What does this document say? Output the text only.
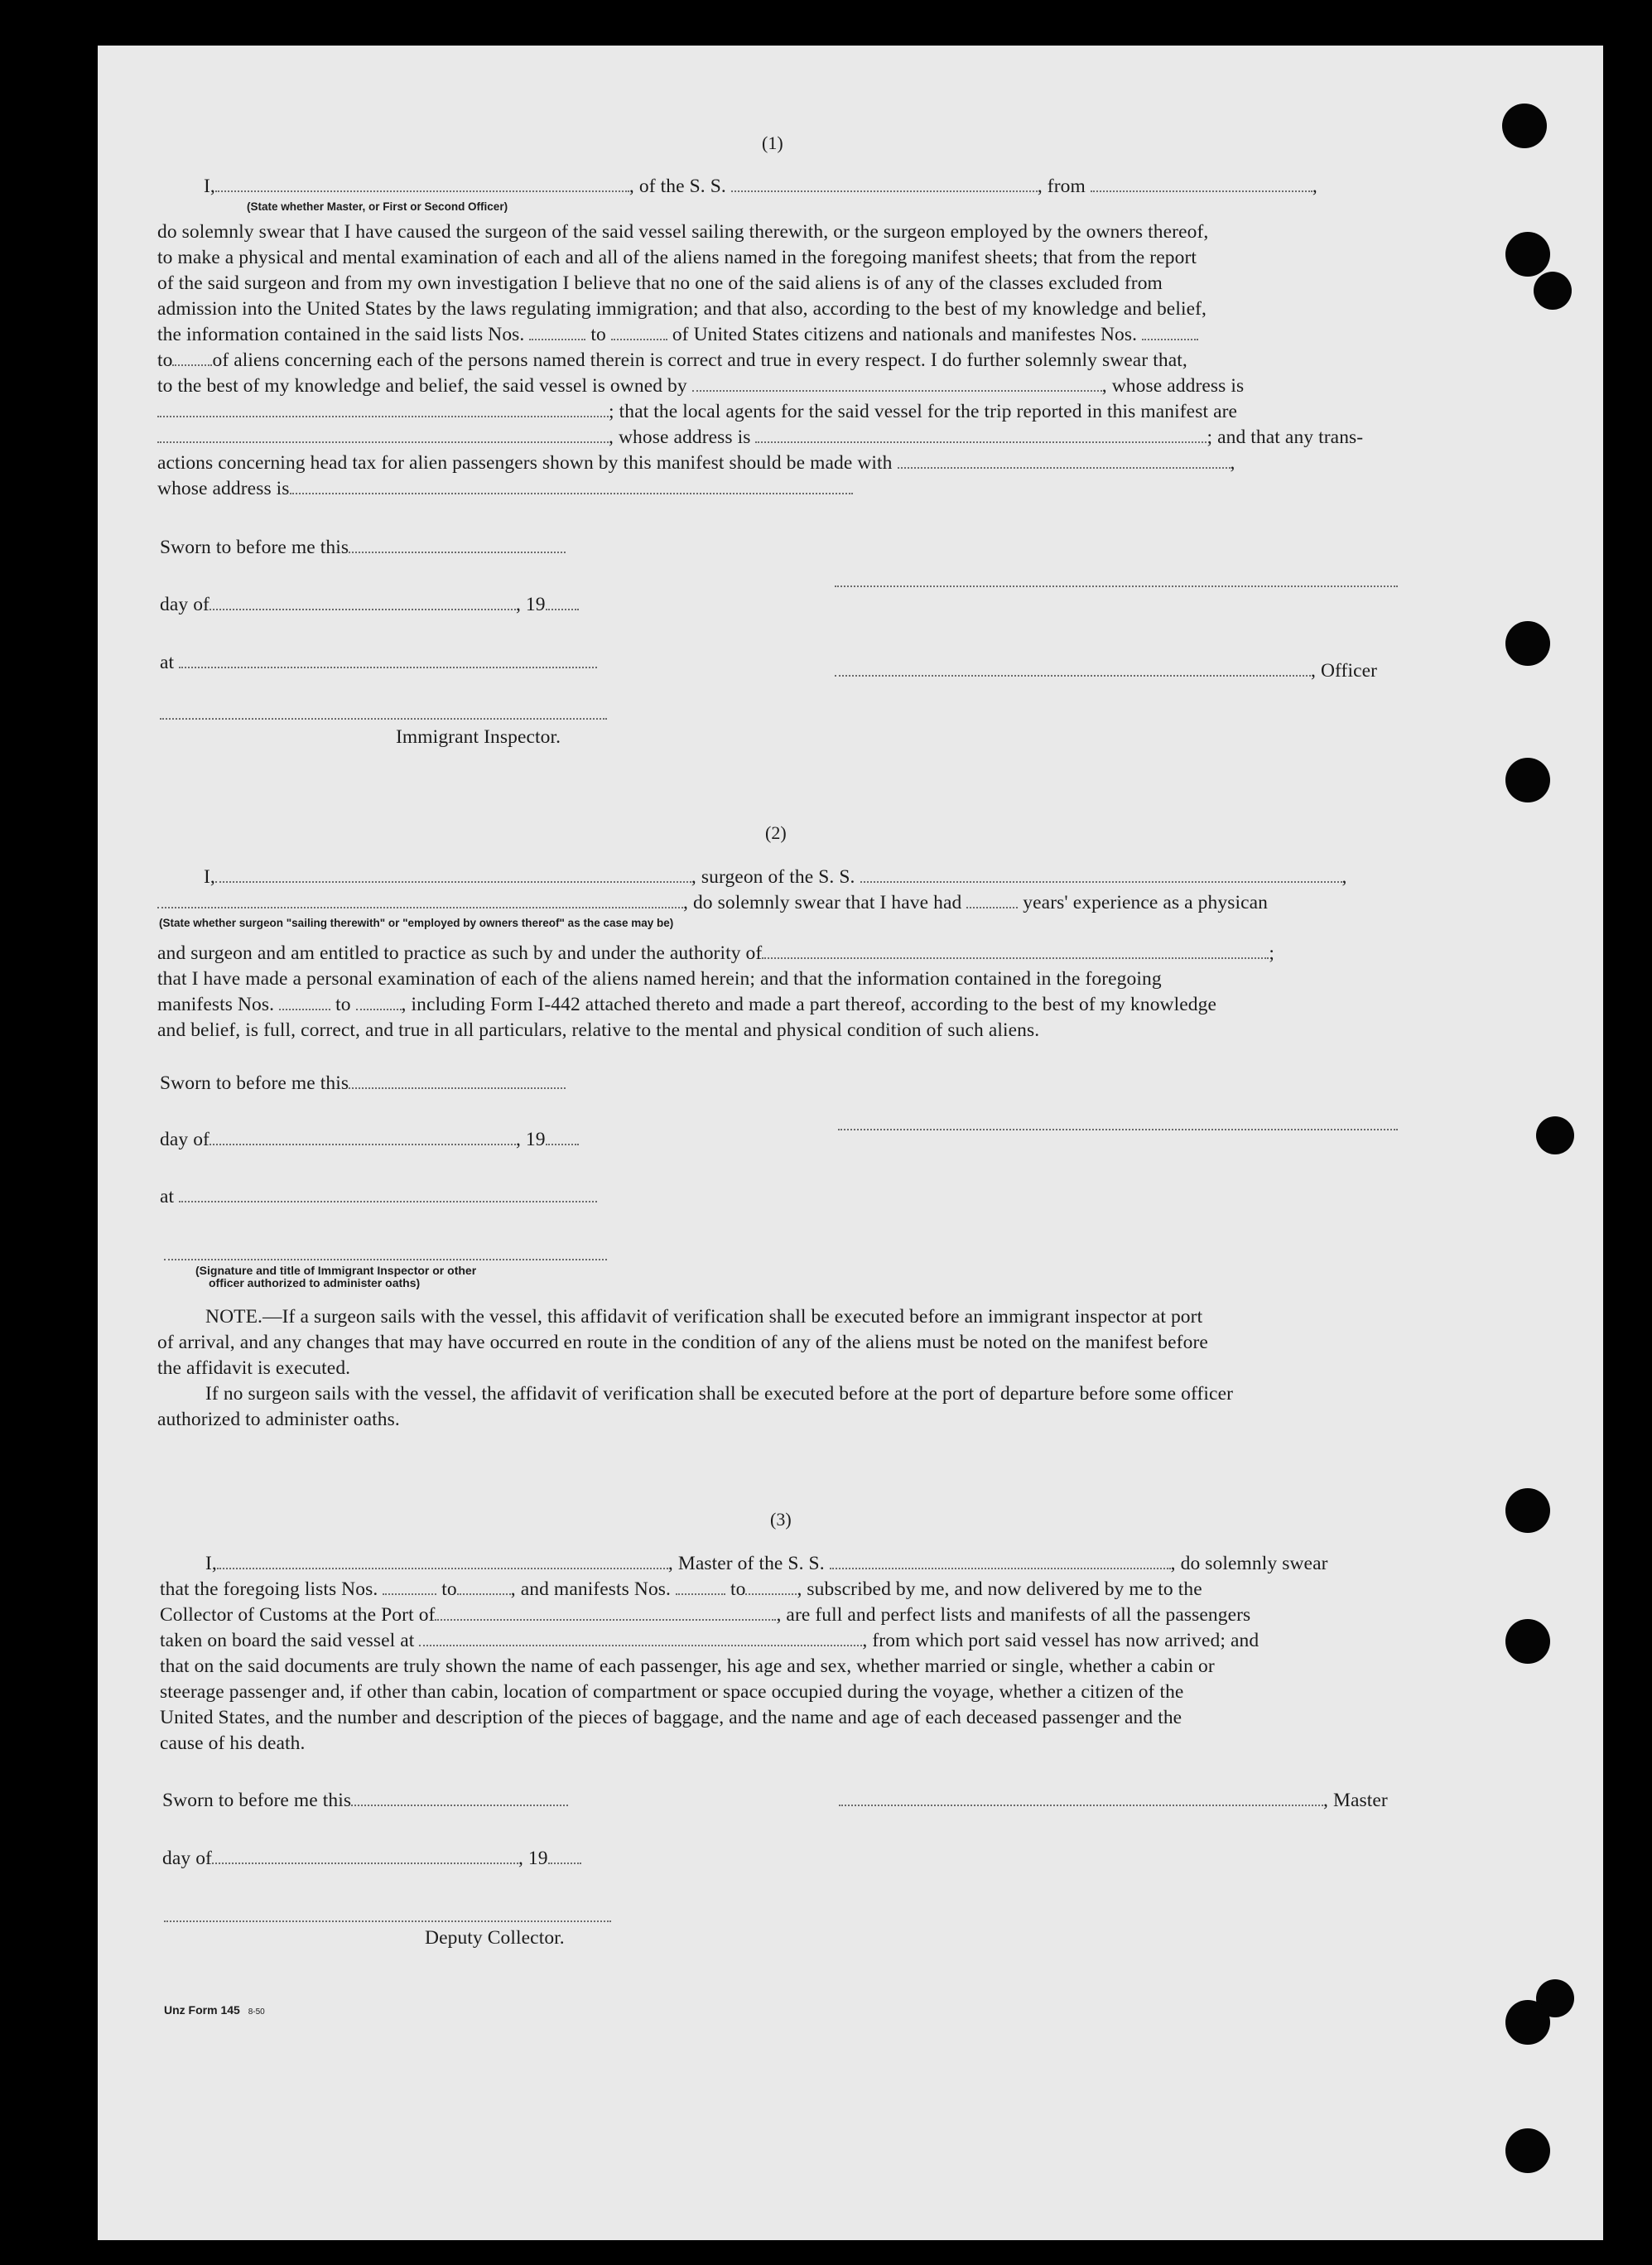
(1)
I,	, of the S. S.	, from	,
(State whether Master, or First or Second Officer)
do solemnly swear that I have caused the surgeon of the said vessel sailing therewith, or the surgeon employed by the owners thereof,
to make a physical and mental examination of each and all of the aliens named in the foregoing manifest sheets; that from the report
of the said surgeon and from my own investigation I believe that no one of the said aliens is of any of the classes excluded from
admission into the United States by the laws regulating immigration; and that also, according to the best of my knowledge and belief,
the information contained in the said lists Nos.	to	of United States citizens and nationals and manifestes Nos.
to of aliens concerning each of the persons named therein is correct and true in every respect. I do further solemnly swear that,
to the best of my knowledge and belief, the said vessel is owned by	, whose address is
; that the local agents for the said vessel for the trip reported in this manifest are
, whose address is	; and that any trans-
actions concerning head tax for alien passengers shown by this manifest should be made with	,
whose address is
Sworn to before me this
day of	, 19
at	, Officer
Immigrant Inspector.
(2)
I,	, surgeon of the S. S.	,
, do solemnly swear that I have had	years' experience as a physican
(State whether surgeon "sailing therewith" or "employed by owners thereof" as the case may be)
and surgeon and am entitled to practice as such by and under the authority of	;
that I have made a personal examination of each of the aliens named herein; and that the information contained in the foregoing
manifests Nos.	to	, including Form I-442 attached thereto and made a part thereof, according to the best of my knowledge
and belief, is full, correct, and true in all particulars, relative to the mental and physical condition of such aliens.
Sworn to before me this
day of	, 19
at
(Signature and title of Immigrant Inspector or other
officer authorized to administer oaths)
NOTE.—If a surgeon sails with the vessel, this affidavit of verification shall be executed before an immigrant inspector at port
of arrival, and any changes that may have occurred en route in the condition of any of the aliens must be noted on the manifest before
the affidavit is executed.
If no surgeon sails with the vessel, the affidavit of verification shall be executed before at the port of departure before some officer
authorized to administer oaths.
(3)
I,	, Master of the S. S.	, do solemnly swear
that the foregoing lists Nos.	to	, and manifests Nos.	to	, subscribed by me, and now delivered by me to the
Collector of Customs at the Port of	, are full and perfect lists and manifests of all the passengers
taken on board the said vessel at	, from which port said vessel has now arrived; and
that on the said documents are truly shown the name of each passenger, his age and sex, whether married or single, whether a cabin or
steerage passenger and, if other than cabin, location of compartment or space occupied during the voyage, whether a citizen of the
United States, and the number and description of the pieces of baggage, and the name and age of each deceased passenger and the
cause of his death.
Sworn to before me this	, Master
day of	, 19
Deputy Collector.
Unz Form 145 8-50
